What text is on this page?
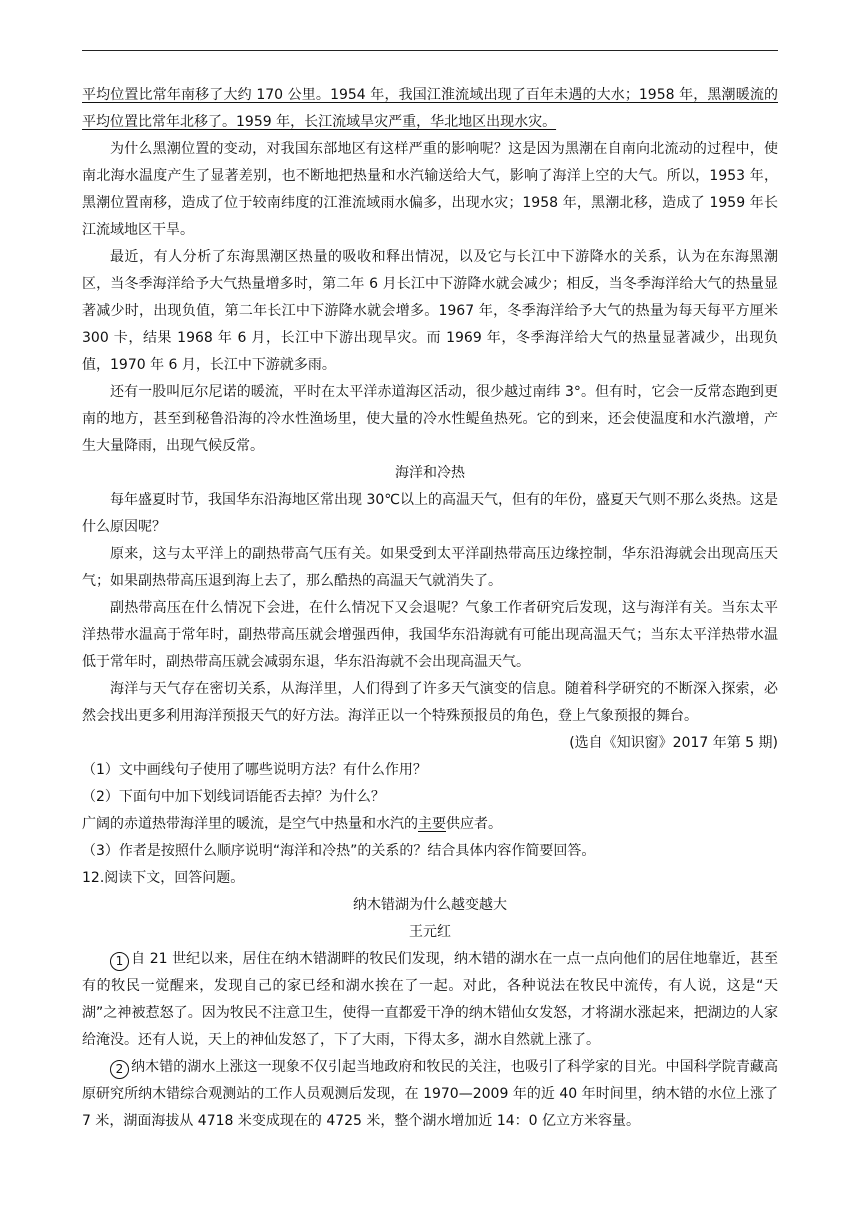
平均位置比常年南移了大约 170 公里。1954 年，我国江淮流域出现了百年未遇的大水；1958 年，黑潮暖流的平均位置比常年北移了。1959 年，长江流域旱灾严重，华北地区出现水灾。

为什么黑潮位置的变动，对我国东部地区有这样严重的影响呢？这是因为黑潮在自南向北流动的过程中，使南北海水温度产生了显著差别，也不断地把热量和水汽输送给大气，影响了海洋上空的大气。所以，1953 年，黑潮位置南移，造成了位于较南纬度的江淮流域雨水偏多，出现水灾；1958 年，黑潮北移，造成了 1959 年长江流域地区干旱。

最近，有人分析了东海黑潮区热量的吸收和释出情况，以及它与长江中下游降水的关系，认为在东海黑潮区，当冬季海洋给予大气热量增多时，第二年 6 月长江中下游降水就会减少；相反，当冬季海洋给大气的热量显著减少时，出现负值，第二年长江中下游降水就会增多。1967 年，冬季海洋给予大气的热量为每天每平方厘米 300 卡，结果 1968 年 6 月，长江中下游出现旱灾。而 1969 年，冬季海洋给大气的热量显著减少，出现负值，1970 年 6 月，长江中下游就多雨。

还有一股叫厄尔尼诺的暖流，平时在太平洋赤道海区活动，很少越过南纬 3°。但有时，它会一反常态跑到更南的地方，甚至到秘鲁沿海的冷水性渔场里，使大量的冷水性鳀鱼热死。它的到来，还会使温度和水汽激增，产生大量降雨，出现气候反常。

海洋和冷热

每年盛夏时节，我国华东沿海地区常出现 30℃以上的高温天气，但有的年份，盛夏天气则不那么炎热。这是什么原因呢？

原来，这与太平洋上的副热带高气压有关。如果受到太平洋副热带高压边缘控制，华东沿海就会出现高压天气；如果副热带高压退到海上去了，那么酷热的高温天气就消失了。

副热带高压在什么情况下会进，在什么情况下又会退呢？气象工作者研究后发现，这与海洋有关。当东太平洋热带水温高于常年时，副热带高压就会增强西伸，我国华东沿海就有可能出现高温天气；当东太平洋热带水温低于常年时，副热带高压就会减弱东退，华东沿海就不会出现高温天气。

海洋与天气存在密切关系，从海洋里，人们得到了许多天气演变的信息。随着科学研究的不断深入探索，必然会找出更多利用海洋预报天气的好方法。海洋正以一个特殊预报员的角色，登上气象预报的舞台。

(选自《知识窗》2017 年第 5 期)

（1）文中画线句子使用了哪些说明方法？有什么作用？

（2）下面句中加下划线词语能否去掉？为什么？

广阔的赤道热带海洋里的暖流，是空气中热量和水汽的主要供应者。

（3）作者是按照什么顺序说明“海洋和冷热”的关系的？结合具体内容作简要回答。

12.阅读下文，回答问题。

纳木错湖为什么越变越大

王元红

1 自 21 世纪以来，居住在纳木错湖畔的牧民们发现，纳木错的湖水在一点一点向他们的居住地靠近，甚至有的牧民一觉醒来，发现自己的家已经和湖水挨在了一起。对此，各种说法在牧民中流传，有人说，这是“天湖”之神被惹怒了。因为牧民不注意卫生，使得一直都爱干净的纳木错仙女发怒，才将湖水涨起来，把湖边的人家给淹没。还有人说，天上的神仙发怒了，下了大雨，下得太多，湖水自然就上涨了。

2 纳木错的湖水上涨这一现象不仅引起当地政府和牧民的关注，也吸引了科学家的目光。中国科学院青藏高原研究所纳木错综合观测站的工作人员观测后发现，在 1970—2009 年的近 40 年时间里，纳木错的水位上涨了 7 米，湖面海拔从 4718 米变成现在的 4725 米，整个湖水增加近 14：0 亿立方米容量。
